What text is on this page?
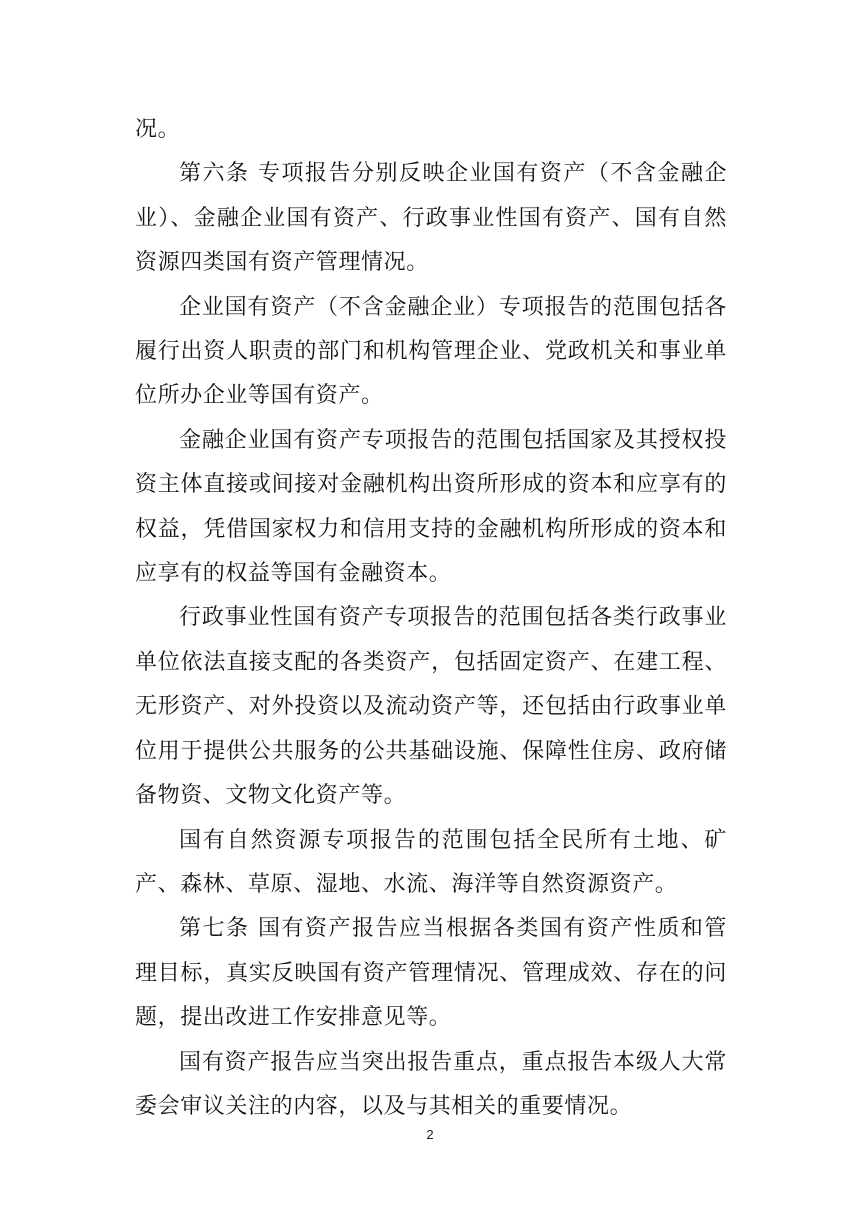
况。

第六条 专项报告分别反映企业国有资产（不含金融企业）、金融企业国有资产、行政事业性国有资产、国有自然资源四类国有资产管理情况。

企业国有资产（不含金融企业）专项报告的范围包括各履行出资人职责的部门和机构管理企业、党政机关和事业单位所办企业等国有资产。

金融企业国有资产专项报告的范围包括国家及其授权投资主体直接或间接对金融机构出资所形成的资本和应享有的权益，凭借国家权力和信用支持的金融机构所形成的资本和应享有的权益等国有金融资本。

行政事业性国有资产专项报告的范围包括各类行政事业单位依法直接支配的各类资产，包括固定资产、在建工程、无形资产、对外投资以及流动资产等，还包括由行政事业单位用于提供公共服务的公共基础设施、保障性住房、政府储备物资、文物文化资产等。

国有自然资源专项报告的范围包括全民所有土地、矿产、森林、草原、湿地、水流、海洋等自然资源资产。

第七条 国有资产报告应当根据各类国有资产性质和管理目标，真实反映国有资产管理情况、管理成效、存在的问题，提出改进工作安排意见等。

国有资产报告应当突出报告重点，重点报告本级人大常委会审议关注的内容，以及与其相关的重要情况。

2
